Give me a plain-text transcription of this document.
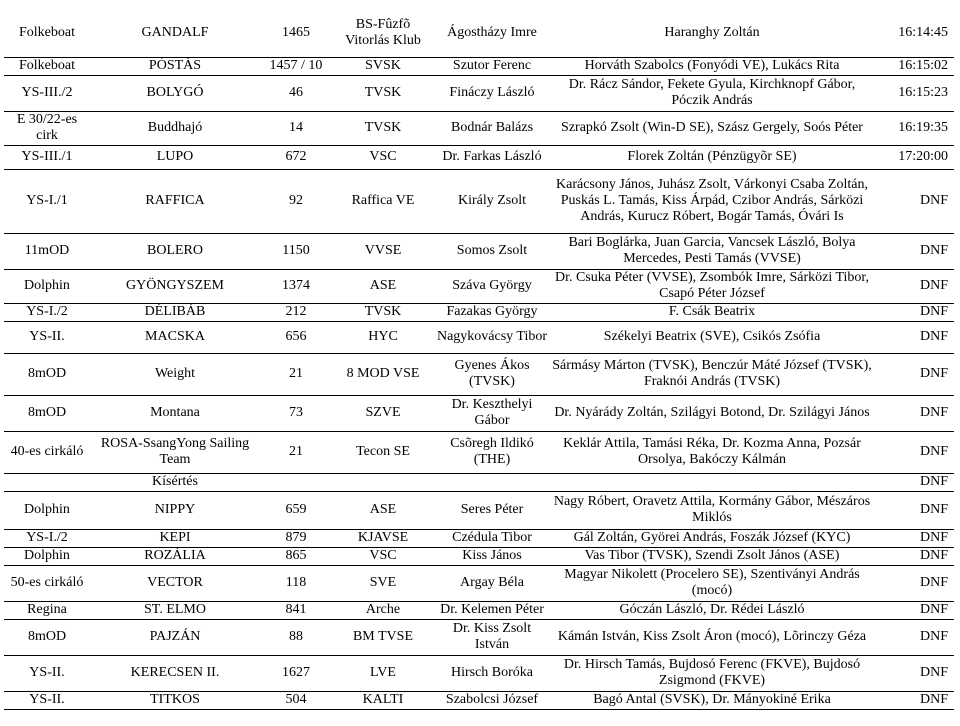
Folkeboat	GANDALF	1465	BS-Fûzfõ Vitorlás Klub	Ágostházy Imre	Haranghy Zoltán	16:14:45
Folkeboat	PÓSTÁS	1457 / 10	SVSK	Szutor Ferenc	Horváth Szabolcs (Fonyódi VE), Lukács Rita	16:15:02
YS-III./2	BOLYGÓ	46	TVSK	Fináczy László	Dr. Rácz Sándor, Fekete Gyula, Kirchknopf Gábor, Póczik András	16:15:23
E 30/22-es cirk	Buddhajó	14	TVSK	Bodnár Balázs	Szrapkó Zsolt (Win-D SE), Szász Gergely, Soós Péter	16:19:35
YS-III./1	LUPO	672	VSC	Dr. Farkas László	Florek Zoltán (Pénzügyõr SE)	17:20:00
YS-I./1	RAFFICA	92	Raffica VE	Király Zsolt	Karácsony János, Juhász Zsolt, Várkonyi Csaba Zoltán, Puskás L. Tamás, Kiss Árpád, Czibor András, Sárközi András, Kurucz Róbert, Bogár Tamás, Óvári Is	DNF
11mOD	BOLERO	1150	VVSE	Somos Zsolt	Bari Boglárka, Juan Garcia, Vancsek László, Bolya Mercedes, Pesti Tamás (VVSE)	DNF
Dolphin	GYÖNGYSZEM	1374	ASE	Száva György	Dr. Csuka Péter (VVSE), Zsombók Imre, Sárközi Tibor, Csapó Péter József	DNF
YS-I./2	DÉLIBÁB	212	TVSK	Fazakas György	F. Csák Beatrix	DNF
YS-II.	MACSKA	656	HYC	Nagykovácsy Tibor	Székelyi Beatrix (SVE), Csikós Zsófia	DNF
8mOD	Weight	21	8 MOD VSE	Gyenes Ákos (TVSK)	Sármásy Márton (TVSK), Benczúr Máté József (TVSK), Fraknói András (TVSK)	DNF
8mOD	Montana	73	SZVE	Dr. Keszthelyi Gábor	Dr. Nyárády Zoltán, Szilágyi Botond, Dr. Szilágyi János	DNF
40-es cirkáló	ROSA-SsangYong Sailing Team	21	Tecon SE	Csõregh Ildikó (THE)	Keklár Attila, Tamási Réka, Dr. Kozma Anna, Pozsár Orsolya, Bakóczy Kálmán	DNF
	Kísértés					DNF
Dolphin	NIPPY	659	ASE	Seres Péter	Nagy Róbert, Oravetz Attila, Kormány Gábor, Mészáros Miklós	DNF
YS-I./2	KEPI	879	KJAVSE	Czédula Tibor	Gál Zoltán, Györei András, Foszák József (KYC)	DNF
Dolphin	ROZÁLIA	865	VSC	Kiss János	Vas Tibor (TVSK), Szendi Zsolt János (ASE)	DNF
50-es cirkáló	VECTOR	118	SVE	Argay Béla	Magyar Nikolett (Procelero SE), Szentiványi András (mocó)	DNF
Regina	ST. ELMO	841	Arche	Dr. Kelemen Péter	Góczán László, Dr. Rédei László	DNF
8mOD	PAJZÁN	88	BM TVSE	Dr. Kiss Zsolt István	Kámán István, Kiss Zsolt Áron (mocó), Lõrinczy Géza	DNF
YS-II.	KERECSEN II.	1627	LVE	Hirsch Boróka	Dr. Hirsch Tamás, Bujdosó Ferenc (FKVE), Bujdosó Zsigmond (FKVE)	DNF
YS-II.	TITKOS	504	KALTI	Szabolcsi József	Bagó Antal (SVSK), Dr. Mányokiné Erika	DNF
